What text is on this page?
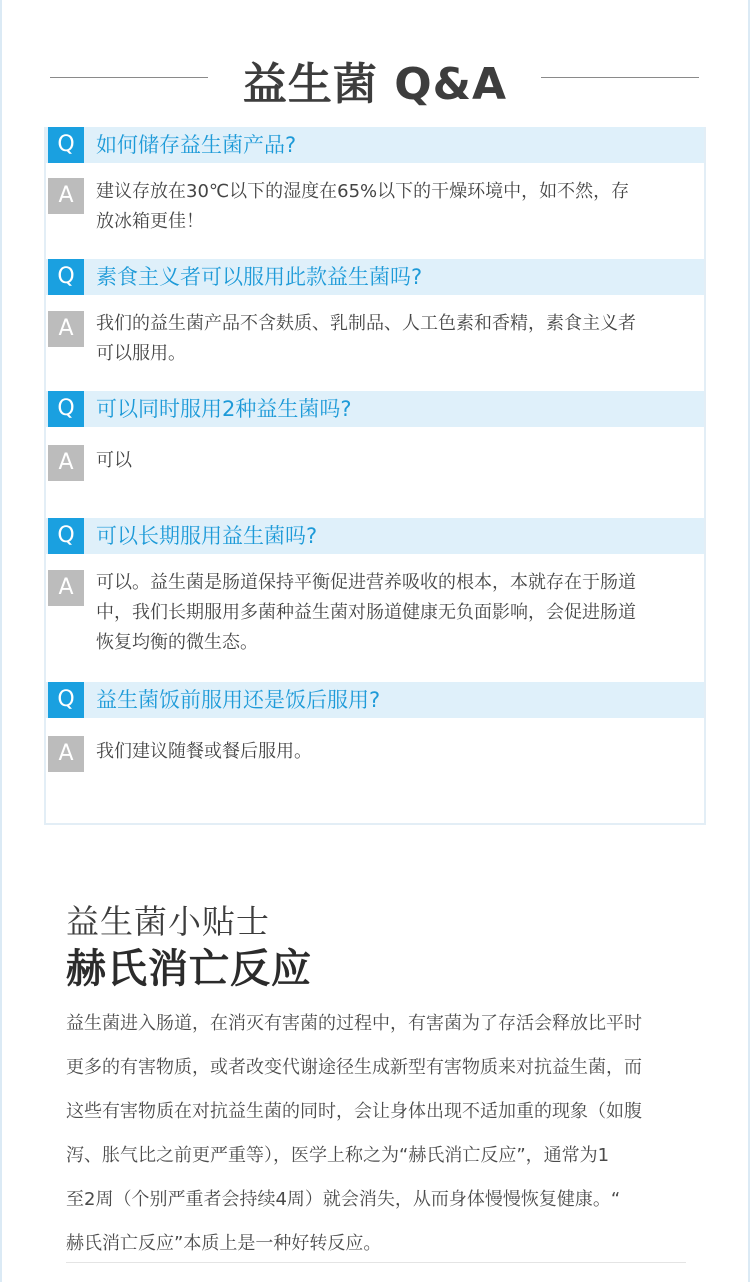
益生菌 Q&A
Q	如何储存益生菌产品?
A	建议存放在30℃以下的湿度在65%以下的干燥环境中，如不然，存
放冰箱更佳！
Q	素食主义者可以服用此款益生菌吗?
A	我们的益生菌产品不含麸质、乳制品、人工色素和香精，素食主义者
可以服用。
Q	可以同时服用2种益生菌吗?
A	可以
Q	可以长期服用益生菌吗?
A	可以。益生菌是肠道保持平衡促进营养吸收的根本，本就存在于肠道
中，我们长期服用多菌种益生菌对肠道健康无负面影响，会促进肠道
恢复均衡的微生态。
Q	益生菌饭前服用还是饭后服用?
A	我们建议随餐或餐后服用。
益生菌小贴士
赫氏消亡反应

益生菌进入肠道，在消灭有害菌的过程中，有害菌为了存活会释放比平时

更多的有害物质，或者改变代谢途径生成新型有害物质来对抗益生菌，而

这些有害物质在对抗益生菌的同时，会让身体出现不适加重的现象（如腹

泻、胀气比之前更严重等），医学上称之为“赫氏消亡反应”，通常为1

至2周（个别严重者会持续4周）就会消失，从而身体慢慢恢复健康。“

赫氏消亡反应”本质上是一种好转反应。
